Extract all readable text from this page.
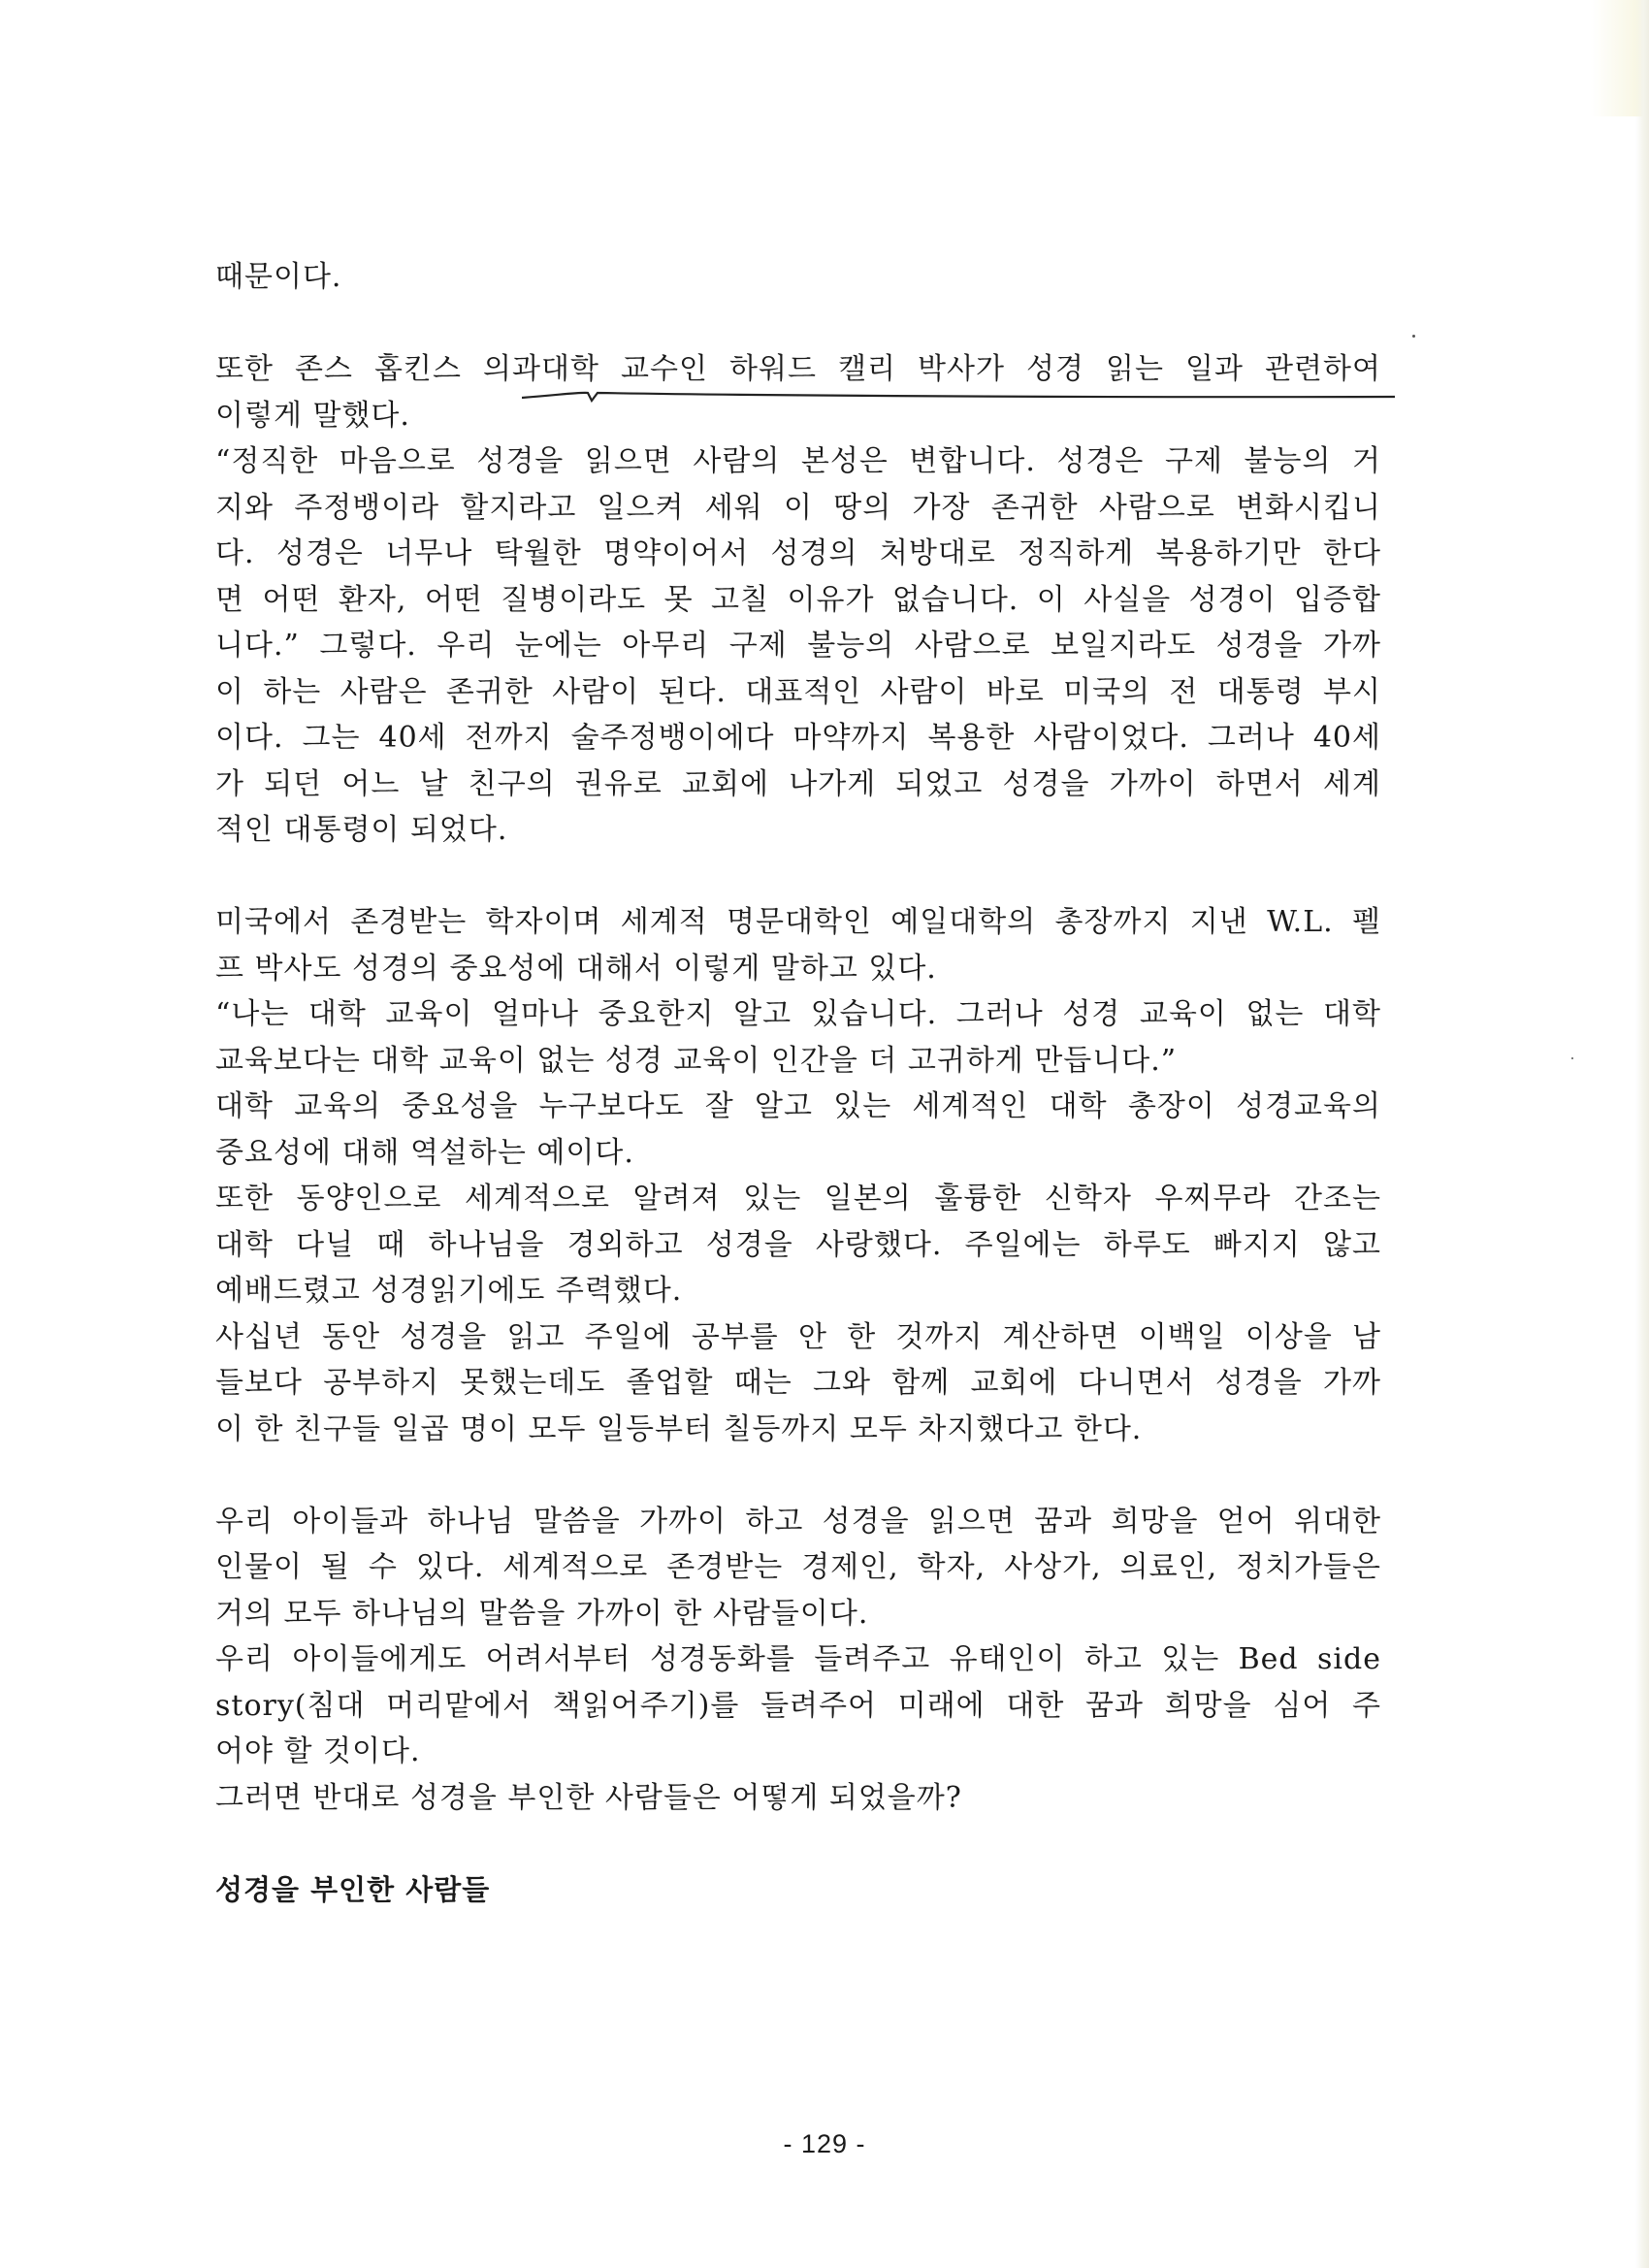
때문이다.
또한 존스 홉킨스 의과대학 교수인 하워드 캘리 박사가 성경 읽는 일과 관련하여
이렇게 말했다.
“정직한 마음으로 성경을 읽으면 사람의 본성은 변합니다. 성경은 구제 불능의 거
지와 주정뱅이라 할지라고 일으켜 세워 이 땅의 가장 존귀한 사람으로 변화시킵니
다. 성경은 너무나 탁월한 명약이어서 성경의 처방대로 정직하게 복용하기만 한다
면 어떤 환자, 어떤 질병이라도 못 고칠 이유가 없습니다. 이 사실을 성경이 입증합
니다.” 그렇다. 우리 눈에는 아무리 구제 불능의 사람으로 보일지라도 성경을 가까
이 하는 사람은 존귀한 사람이 된다. 대표적인 사람이 바로 미국의 전 대통령 부시
이다. 그는 40세 전까지 술주정뱅이에다 마약까지 복용한 사람이었다. 그러나 40세
가 되던 어느 날 친구의 권유로 교회에 나가게 되었고 성경을 가까이 하면서 세계
적인 대통령이 되었다.
미국에서 존경받는 학자이며 세계적 명문대학인 예일대학의 총장까지 지낸 W.L. 펠
프 박사도 성경의 중요성에 대해서 이렇게 말하고 있다.
“나는 대학 교육이 얼마나 중요한지 알고 있습니다. 그러나 성경 교육이 없는 대학
교육보다는 대학 교육이 없는 성경 교육이 인간을 더 고귀하게 만듭니다.”
대학 교육의 중요성을 누구보다도 잘 알고 있는 세계적인 대학 총장이 성경교육의
중요성에 대해 역설하는 예이다.
또한 동양인으로 세계적으로 알려져 있는 일본의 훌륭한 신학자 우찌무라 간조는
대학 다닐 때 하나님을 경외하고 성경을 사랑했다. 주일에는 하루도 빠지지 않고
예배드렸고 성경읽기에도 주력했다.
사십년 동안 성경을 읽고 주일에 공부를 안 한 것까지 계산하면 이백일 이상을 남
들보다 공부하지 못했는데도 졸업할 때는 그와 함께 교회에 다니면서 성경을 가까
이 한 친구들 일곱 명이 모두 일등부터 칠등까지 모두 차지했다고 한다.
우리 아이들과 하나님 말씀을 가까이 하고 성경을 읽으면 꿈과 희망을 얻어 위대한
인물이 될 수 있다. 세계적으로 존경받는 경제인, 학자, 사상가, 의료인, 정치가들은
거의 모두 하나님의 말씀을 가까이 한 사람들이다.
우리 아이들에게도 어려서부터 성경동화를 들려주고 유태인이 하고 있는 Bed side
story(침대 머리맡에서 책읽어주기)를 들려주어 미래에 대한 꿈과 희망을 심어 주
어야 할 것이다.
그러면 반대로 성경을 부인한 사람들은 어떻게 되었을까?
성경을 부인한 사람들
- 129 -
